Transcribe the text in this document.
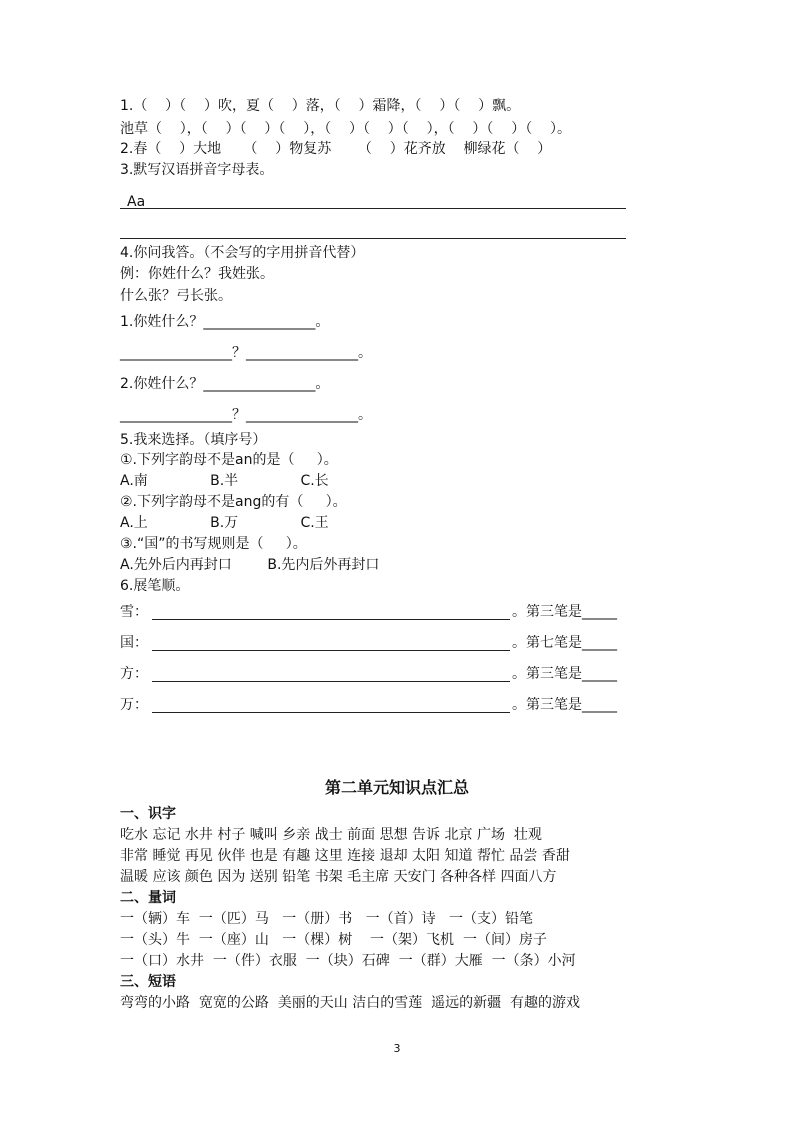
1.（    ）（    ）吹，夏（    ）落，（    ）霜降，（    ）（    ）飘。
池草（    ），（    ）（    ）（    ），（    ）（    ）（    ），（    ）（    ）（    ）。
2.春（    ）大地     （    ）物复苏      （    ）花齐放    柳绿花（    ）
3.默写汉语拼音字母表。
Aa
4.你问我答。（不会写的字用拼音代替）
例：你姓什么？我姓张。
什么张？弓长张。
1.你姓什么？________________。
________________？________________。
2.你姓什么？________________。
________________？________________。
5.我来选择。（填序号）
①.下列字韵母不是an的是（     ）。
A.南              B.半              C.长
②.下列字韵母不是ang的有（     ）。
A.上              B.万              C.王
③.“国”的书写规则是（     ）。
A.先外后内再封口        B.先内后外再封口
6.展笔顺。
雪：	。第三笔是_____
国：	。第七笔是_____
方：	。第三笔是_____
万：	。第三笔是_____
第二单元知识点汇总
一、识字
吃水 忘记 水井 村子 喊叫 乡亲 战士 前面 思想 告诉 北京 广场  壮观
非常 睡觉 再见 伙伴 也是 有趣 这里 连接 退却 太阳 知道 帮忙 品尝 香甜
温暖 应该 颜色 因为 送别 铅笔 书架 毛主席 天安门 各种各样 四面八方
二、量词
一（辆）车  一（匹）马   一（册）书   一（首）诗   一（支）铅笔
一（头）牛  一（座）山   一（棵）树    一（架）飞机  一（间）房子
一（口）水井  一（件）衣服  一（块）石碑  一（群）大雁  一（条）小河
三、短语
弯弯的小路  宽宽的公路  美丽的天山 洁白的雪莲  遥远的新疆  有趣的游戏
3
